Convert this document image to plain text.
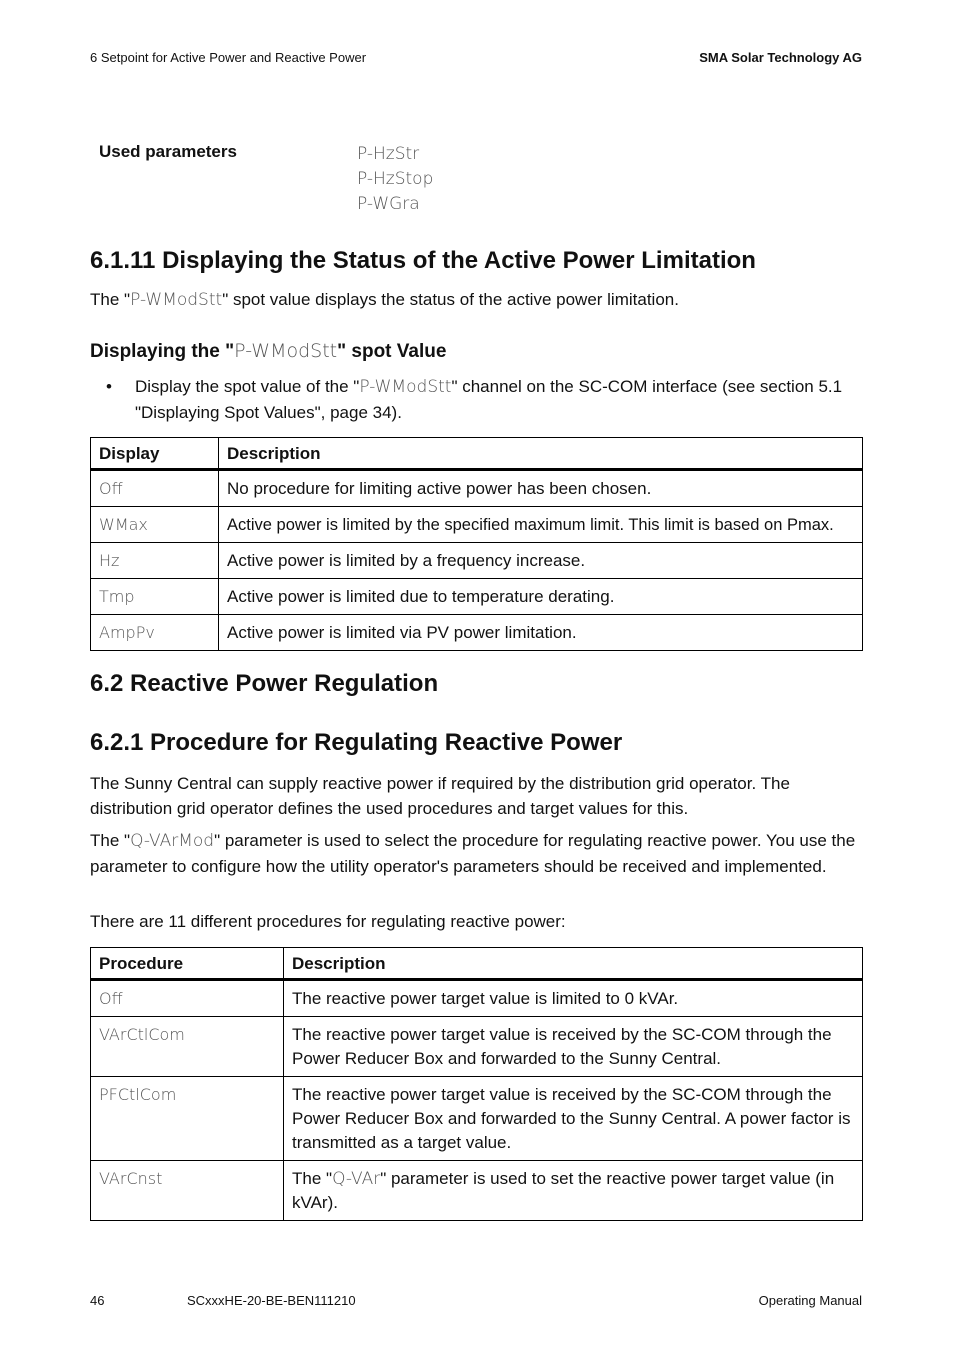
6 Setpoint for Active Power and Reactive Power	SMA Solar Technology AG
Used parameters	P-HzStr
P-HzStop
P-WGra
6.1.11 Displaying the Status of the Active Power Limitation
The "P-WModStt" spot value displays the status of the active power limitation.
Displaying the "P-WModStt" spot Value
• Display the spot value of the "P-WModStt" channel on the SC-COM interface (see section 5.1 "Displaying Spot Values", page 34).
Display	Description
Off	No procedure for limiting active power has been chosen.
WMax	Active power is limited by the specified maximum limit. This limit is based on Pmax.
Hz	Active power is limited by a frequency increase.
Tmp	Active power is limited due to temperature derating.
AmpPv	Active power is limited via PV power limitation.
6.2 Reactive Power Regulation
6.2.1 Procedure for Regulating Reactive Power
The Sunny Central can supply reactive power if required by the distribution grid operator. The distribution grid operator defines the used procedures and target values for this.
The "Q-VArMod" parameter is used to select the procedure for regulating reactive power. You use the parameter to configure how the utility operator's parameters should be received and implemented.
There are 11 different procedures for regulating reactive power:
Procedure	Description
Off	The reactive power target value is limited to 0 kVAr.
VArCtlCom	The reactive power target value is received by the SC-COM through the Power Reducer Box and forwarded to the Sunny Central.
PFCtlCom	The reactive power target value is received by the SC-COM through the Power Reducer Box and forwarded to the Sunny Central. A power factor is transmitted as a target value.
VArCnst	The "Q-VAr" parameter is used to set the reactive power target value (in kVAr).
46	SCxxxHE-20-BE-BEN111210	Operating Manual
